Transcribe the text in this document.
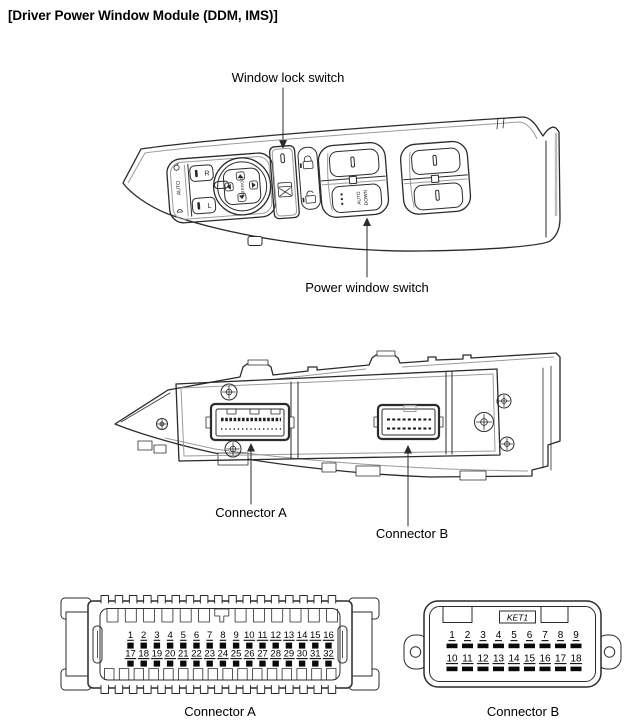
[Driver Power Window Module (DDM, IMS)]
Window lock switch
AUTO
R
L
MIRROR
AUTO DOWN
Power window switch
Connector A
Connector B
1 2 3 4 5 6 7 8 9 10 11 12 13 14 15 16
17 18 19 20 21 22 23 24 25 26 27 28 29 30 31 32
Connector A
KET1
1 2 3 4 5 6 7 8 9
10 11 12 13 14 15 16 17 18
Connector B
